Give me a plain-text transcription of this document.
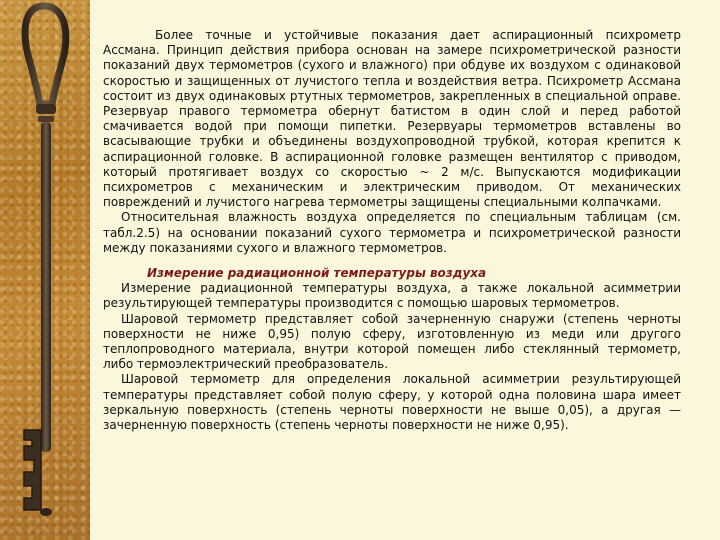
Более точные и устойчивые показания дает аспирационный психрометр Ассмана. Принцип действия прибора основан на замере психрометрической разности показаний двух термометров (сухого и влажного) при обдуве их воздухом с одинаковой скоростью и защищенных от лучистого тепла и воздействия ветра. Психрометр Ассмана состоит из двух одинаковых ртутных термометров, закрепленных в специальной оправе. Резервуар правого термометра обернут батистом в один слой и перед работой смачивается водой при помощи пипетки. Резервуары термометров вставлены во всасывающие трубки и объединены воздухопроводной трубкой, которая крепится к аспирационной головке. В аспирационной головке размещен вентилятор с приводом, который протягивает воздух со скоростью ~ 2 м/с. Выпускаются модификации психрометров с механическим и электрическим приводом. От механических повреждений и лучистого нагрева термометры защищены специальными колпачками.

Относительная влажность воздуха определяется по специальным таблицам (см. табл.2.5) на основании показаний сухого термометра и психрометрической разности между показаниями сухого и влажного термометров.

Измерение радиационной температуры воздуха

Измерение радиационной температуры воздуха, а также локальной асимметрии результирующей температуры производится с помощью шаровых термометров.

Шаровой термометр представляет собой зачерненную снаружи (степень черноты поверхности не ниже 0,95) полую сферу, изготовленную из меди или другого теплопроводного материала, внутри которой помещен либо стеклянный термометр, либо термоэлектрический преобразователь.

Шаровой термометр для определения локальной асимметрии результирующей температуры представляет собой полую сферу, у которой одна половина шара имеет зеркальную поверхность (степень черноты поверхности не выше 0,05), а другая — зачерненную поверхность (степень черноты поверхности не ниже 0,95).
